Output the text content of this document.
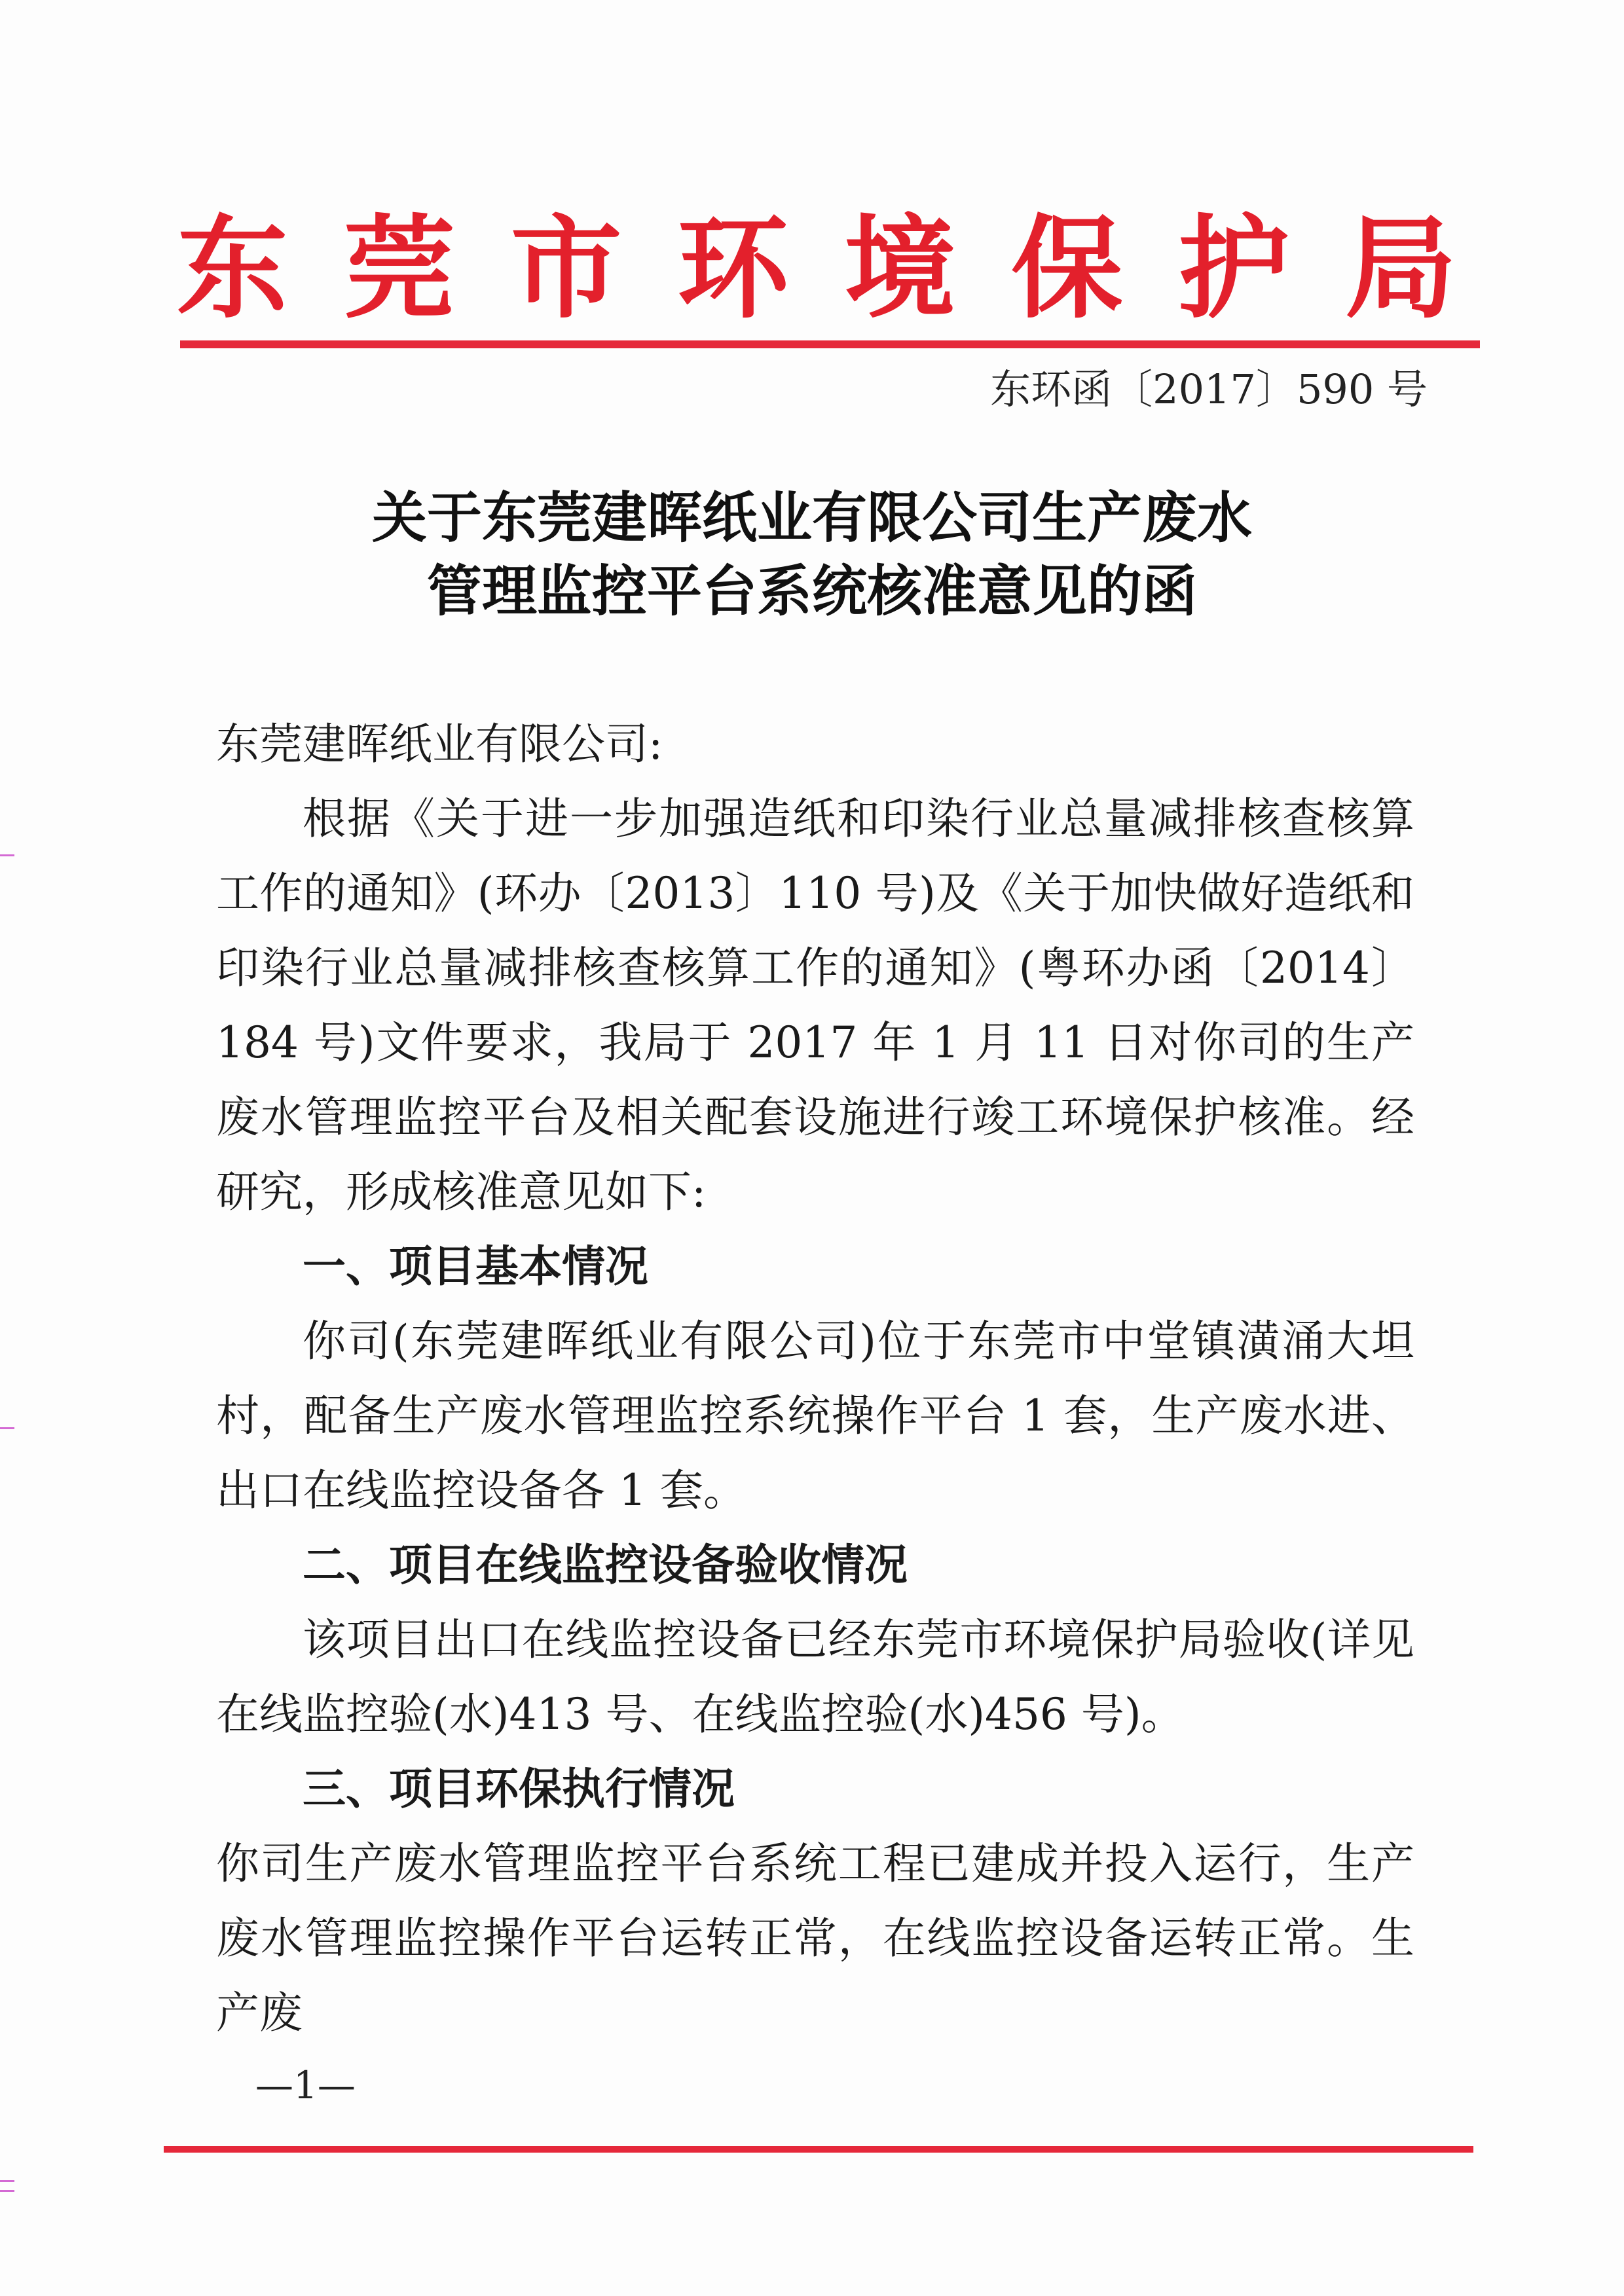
东莞市环境保护局
东环函〔2017〕590 号
关于东莞建晖纸业有限公司生产废水
管理监控平台系统核准意见的函

东莞建晖纸业有限公司:

根据《关于进一步加强造纸和印染行业总量减排核查核算工作的通知》(环办〔2013〕110 号)及《关于加快做好造纸和印染行业总量减排核查核算工作的通知》(粤环办函〔2014〕184 号)文件要求，我局于 2017 年 1 月 11 日对你司的生产废水管理监控平台及相关配套设施进行竣工环境保护核准。经研究，形成核准意见如下:

一、项目基本情况

你司(东莞建晖纸业有限公司)位于东莞市中堂镇潢涌大坦村，配备生产废水管理监控系统操作平台 1 套，生产废水进、出口在线监控设备各 1 套。

二、项目在线监控设备验收情况

该项目出口在线监控设备已经东莞市环境保护局验收(详见在线监控验(水)413 号、在线监控验(水)456 号)。

三、项目环保执行情况

你司生产废水管理监控平台系统工程已建成并投入运行，生产废水管理监控操作平台运转正常，在线监控设备运转正常。生产废

—1—
